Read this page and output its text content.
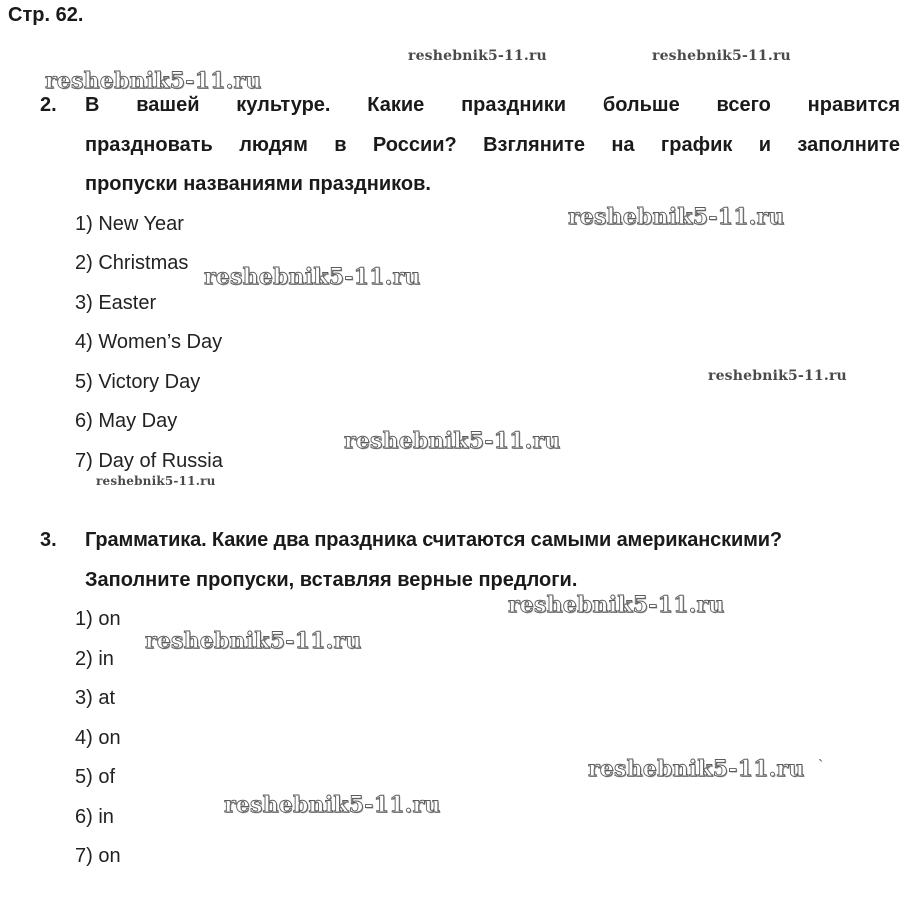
Стр. 62.
2.	В вашей культуре. Какие праздники больше всего нравится
праздновать людям в России? Взгляните на график и заполните
пропуски названиями праздников.
1) New Year
2) Christmas
3) Easter
4) Women’s Day
5) Victory Day
6) May Day
7) Day of Russia
3.	Грамматика. Какие два праздника считаются самыми американскими?
Заполните пропуски, вставляя верные предлоги.
1) on
2) in
3) at
4) on
5) of
6) in
7) on
reshebnik5-11.ru	reshebnik5-11.ru
reshebnik5-11.ru
reshebnik5-11.ru
reshebnik5-11.ru
reshebnik5-11.ru
reshebnik5-11.ru
reshebnik5-11.ru
reshebnik5-11.ru
reshebnik5-11.ru
reshebnik5-11.ru `
reshebnik5-11.ru
